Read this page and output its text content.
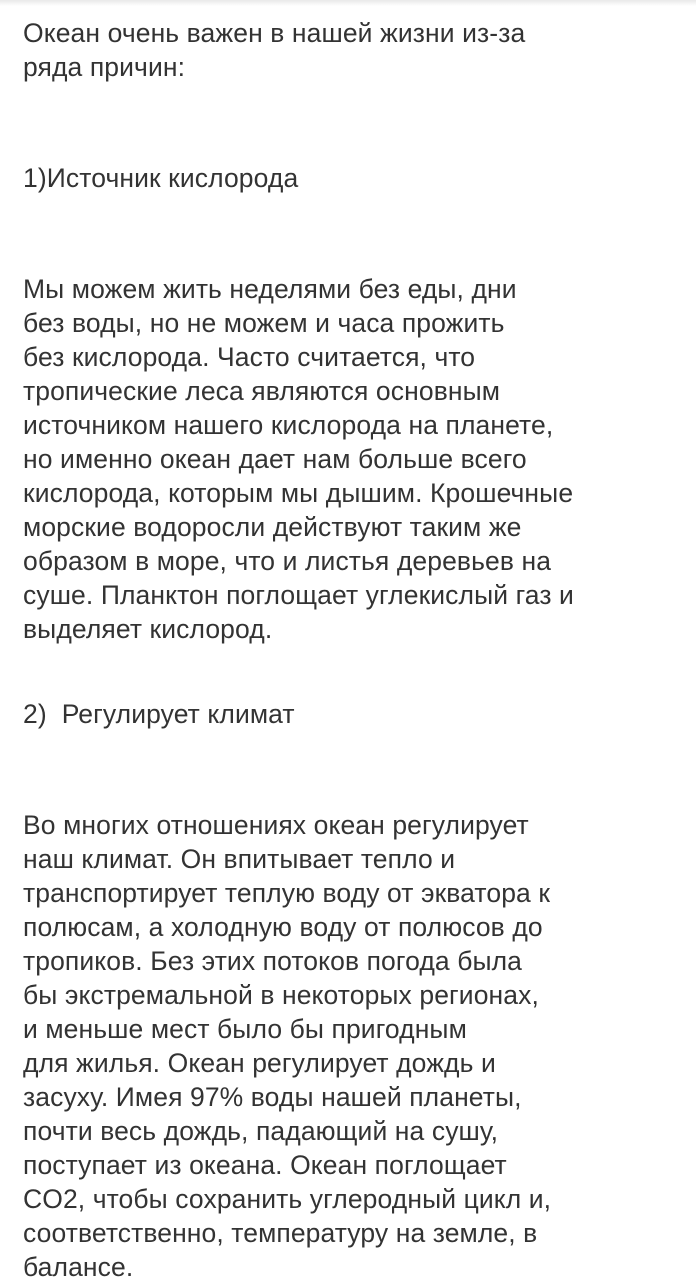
Океан очень важен в нашей жизни из-за
ряда причин:
1)Источник кислорода
Мы можем жить неделями без еды, дни
без воды, но не можем и часа прожить
без кислорода. Часто считается, что
тропические леса являются основным
источником нашего кислорода на планете,
но именно океан дает нам больше всего
кислорода, которым мы дышим. Крошечные
морские водоросли действуют таким же
образом в море, что и листья деревьев на
суше. Планктон поглощает углекислый газ и
выделяет кислород.
2)  Регулирует климат
Во многих отношениях океан регулирует
наш климат. Он впитывает тепло и
транспортирует теплую воду от экватора к
полюсам, а холодную воду от полюсов до
тропиков. Без этих потоков погода была
бы экстремальной в некоторых регионах,
и меньше мест было бы пригодным
для жилья. Океан регулирует дождь и
засуху. Имея 97% воды нашей планеты,
почти весь дождь, падающий на сушу,
поступает из океана. Океан поглощает
CO2, чтобы сохранить углеродный цикл и,
соответственно, температуру на земле, в
балансе.
